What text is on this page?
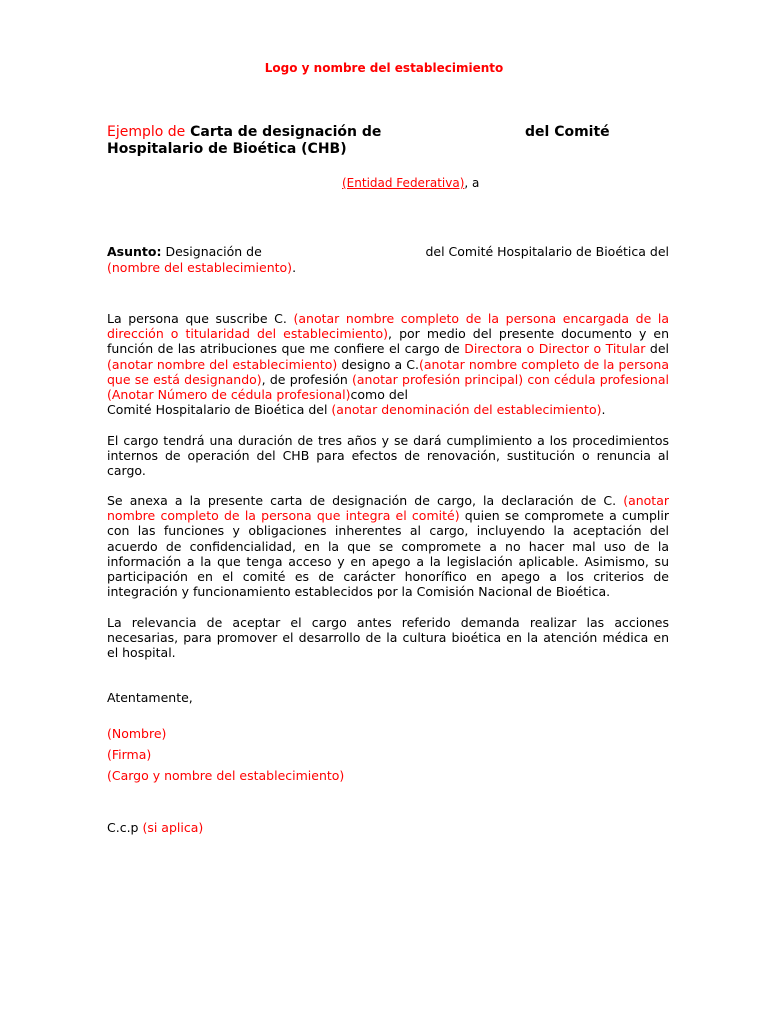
Logo y nombre del establecimiento
Ejemplo de Carta de designación de	del Comité
Hospitalario de Bioética (CHB)
(Entidad Federativa), a
Asunto: Designación de	del Comité Hospitalario de Bioética del
(nombre del establecimiento).

La persona que suscribe C. (anotar nombre completo de la persona encargada de la dirección o titularidad del establecimiento), por medio del presente documento y en función de las atribuciones que me confiere el cargo de Directora o Director o Titular del (anotar nombre del establecimiento) designo a C.(anotar nombre completo de la persona que se está designando), de profesión (anotar profesión principal) con cédula profesional (Anotar Número de cédula profesional)como del
Comité Hospitalario de Bioética del (anotar denominación del establecimiento).

El cargo tendrá una duración de tres años y se dará cumplimiento a los procedimientos internos de operación del CHB para efectos de renovación, sustitución o renuncia al cargo.

Se anexa a la presente carta de designación de cargo, la declaración de C. (anotar nombre completo de la persona que integra el comité) quien se compromete a cumplir con las funciones y obligaciones inherentes al cargo, incluyendo la aceptación del acuerdo de confidencialidad, en la que se compromete a no hacer mal uso de la información a la que tenga acceso y en apego a la legislación aplicable. Asimismo, su participación en el comité es de carácter honorífico en apego a los criterios de integración y funcionamiento establecidos por la Comisión Nacional de Bioética.

La relevancia de aceptar el cargo antes referido demanda realizar las acciones necesarias, para promover el desarrollo de la cultura bioética en la atención médica en el hospital.

Atentamente,
(Nombre)
(Firma)
(Cargo y nombre del establecimiento)
C.c.p (si aplica)
